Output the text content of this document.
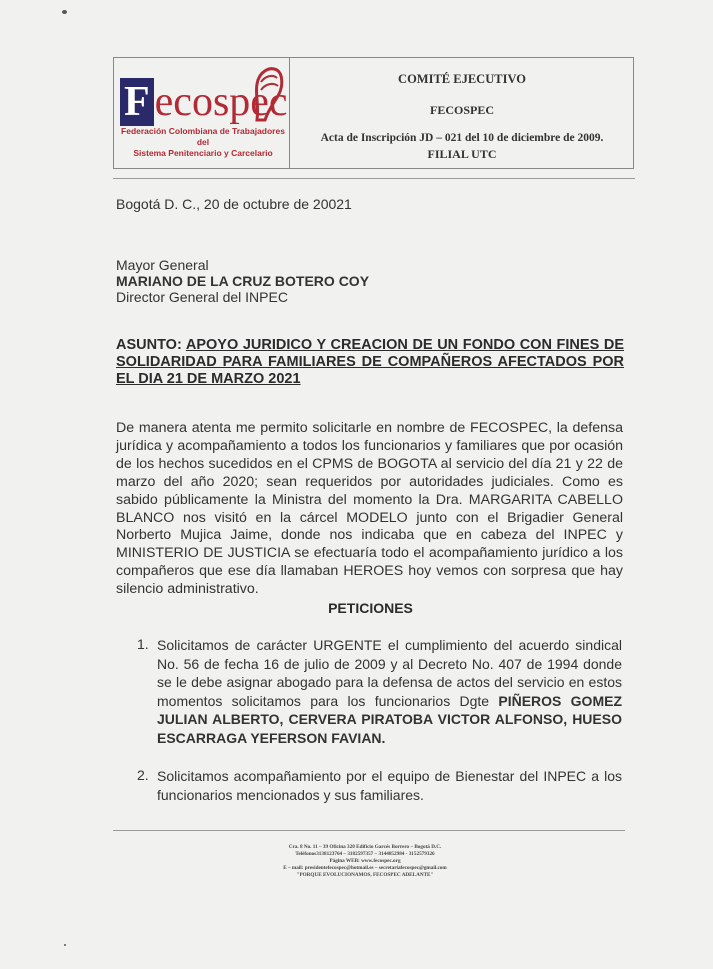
F ecospec
Federación Colombiana de Trabajadores del
Sistema Penitenciario y Carcelario
COMITÉ EJECUTIVO
FECOSPEC
Acta de Inscripción JD – 021 del 10 de diciembre de 2009.
FILIAL UTC
Bogotá D. C., 20 de octubre de 20021
Mayor General
MARIANO DE LA CRUZ BOTERO COY
Director General del INPEC
ASUNTO: APOYO JURIDICO Y CREACION DE UN FONDO CON FINES DE SOLIDARIDAD PARA FAMILIARES DE COMPAÑEROS AFECTADOS POR EL DIA 21 DE MARZO 2021
De manera atenta me permito solicitarle en nombre de FECOSPEC, la defensa jurídica y acompañamiento a todos los funcionarios y familiares que por ocasión de los hechos sucedidos en el CPMS de BOGOTA al servicio del día 21 y 22 de marzo del año 2020; sean requeridos por autoridades judiciales. Como es sabido públicamente la Ministra del momento la Dra. MARGARITA CABELLO BLANCO nos visitó en la cárcel MODELO junto con el Brigadier General Norberto Mujica Jaime, donde nos indicaba que en cabeza del INPEC y MINISTERIO DE JUSTICIA se efectuaría todo el acompañamiento jurídico a los compañeros que ese día llamaban HEROES hoy vemos con sorpresa que hay silencio administrativo.
PETICIONES
1. Solicitamos de carácter URGENTE el cumplimiento del acuerdo sindical No. 56 de fecha 16 de julio de 2009 y al Decreto No. 407 de 1994 donde se le debe asignar abogado para la defensa de actos del servicio en estos momentos solicitamos para los funcionarios Dgte PIÑEROS GOMEZ JULIAN ALBERTO, CERVERA PIRATOBA VICTOR ALFONSO, HUESO ESCARRAGA YEFERSON FAVIAN.
2. Solicitamos acompañamiento por el equipo de Bienestar del INPEC a los funcionarios mencionados y sus familiares.
Cra. 8 No. 11 – 39 Oficina 320 Edificio Garcés Borrero – Bogotá D.C.
Teléfonos3138123764 – 3182597357 – 3144852984 - 3152579326
Página WEB: www.fecospec.org
E – mail: presidentefecospec@hotmail.es – secretariafecospec@gmail.com
"PORQUE EVOLUCIONAMOS, FECOSPEC ADELANTE"
